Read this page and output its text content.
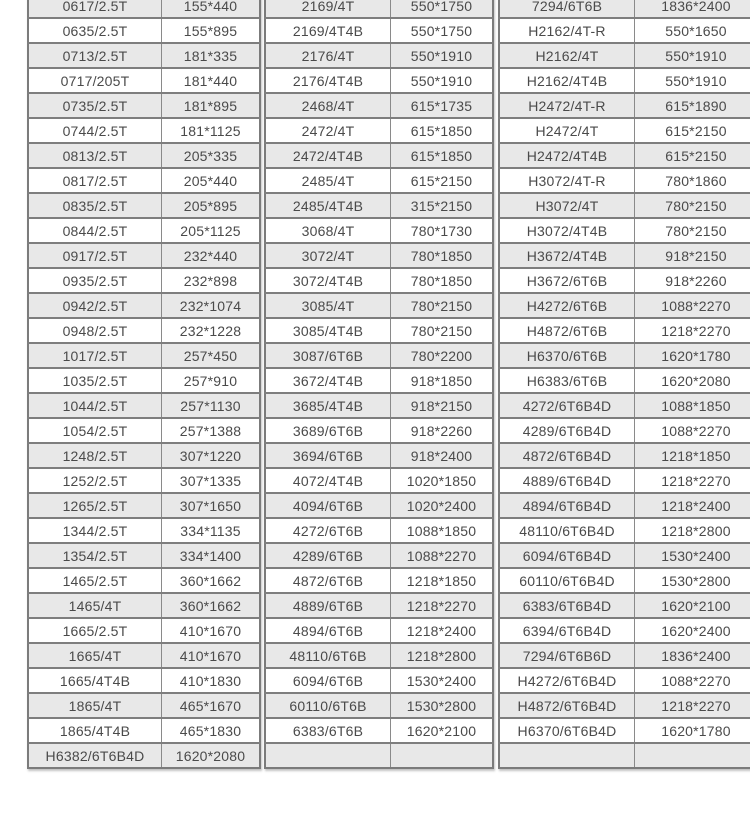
0617/2.5T	155*440
0635/2.5T	155*895
0713/2.5T	181*335
0717/205T	181*440
0735/2.5T	181*895
0744/2.5T	181*1125
0813/2.5T	205*335
0817/2.5T	205*440
0835/2.5T	205*895
0844/2.5T	205*1125
0917/2.5T	232*440
0935/2.5T	232*898
0942/2.5T	232*1074
0948/2.5T	232*1228
1017/2.5T	257*450
1035/2.5T	257*910
1044/2.5T	257*1130
1054/2.5T	257*1388
1248/2.5T	307*1220
1252/2.5T	307*1335
1265/2.5T	307*1650
1344/2.5T	334*1135
1354/2.5T	334*1400
1465/2.5T	360*1662
1465/4T	360*1662
1665/2.5T	410*1670
1665/4T	410*1670
1665/4T4B	410*1830
1865/4T	465*1670
1865/4T4B	465*1830
H6382/6T6B4D	1620*2080
2169/4T	550*1750
2169/4T4B	550*1750
2176/4T	550*1910
2176/4T4B	550*1910
2468/4T	615*1735
2472/4T	615*1850
2472/4T4B	615*1850
2485/4T	615*2150
2485/4T4B	315*2150
3068/4T	780*1730
3072/4T	780*1850
3072/4T4B	780*1850
3085/4T	780*2150
3085/4T4B	780*2150
3087/6T6B	780*2200
3672/4T4B	918*1850
3685/4T4B	918*2150
3689/6T6B	918*2260
3694/6T6B	918*2400
4072/4T4B	1020*1850
4094/6T6B	1020*2400
4272/6T6B	1088*1850
4289/6T6B	1088*2270
4872/6T6B	1218*1850
4889/6T6B	1218*2270
4894/6T6B	1218*2400
48110/6T6B	1218*2800
6094/6T6B	1530*2400
60110/6T6B	1530*2800
6383/6T6B	1620*2100

7294/6T6B	1836*2400
H2162/4T-R	550*1650
H2162/4T	550*1910
H2162/4T4B	550*1910
H2472/4T-R	615*1890
H2472/4T	615*2150
H2472/4T4B	615*2150
H3072/4T-R	780*1860
H3072/4T	780*2150
H3072/4T4B	780*2150
H3672/4T4B	918*2150
H3672/6T6B	918*2260
H4272/6T6B	1088*2270
H4872/6T6B	1218*2270
H6370/6T6B	1620*1780
H6383/6T6B	1620*2080
4272/6T6B4D	1088*1850
4289/6T6B4D	1088*2270
4872/6T6B4D	1218*1850
4889/6T6B4D	1218*2270
4894/6T6B4D	1218*2400
48110/6T6B4D	1218*2800
6094/6T6B4D	1530*2400
60110/6T6B4D	1530*2800
6383/6T6B4D	1620*2100
6394/6T6B4D	1620*2400
7294/6T6B6D	1836*2400
H4272/6T6B4D	1088*2270
H4872/6T6B4D	1218*2270
H6370/6T6B4D	1620*1780
